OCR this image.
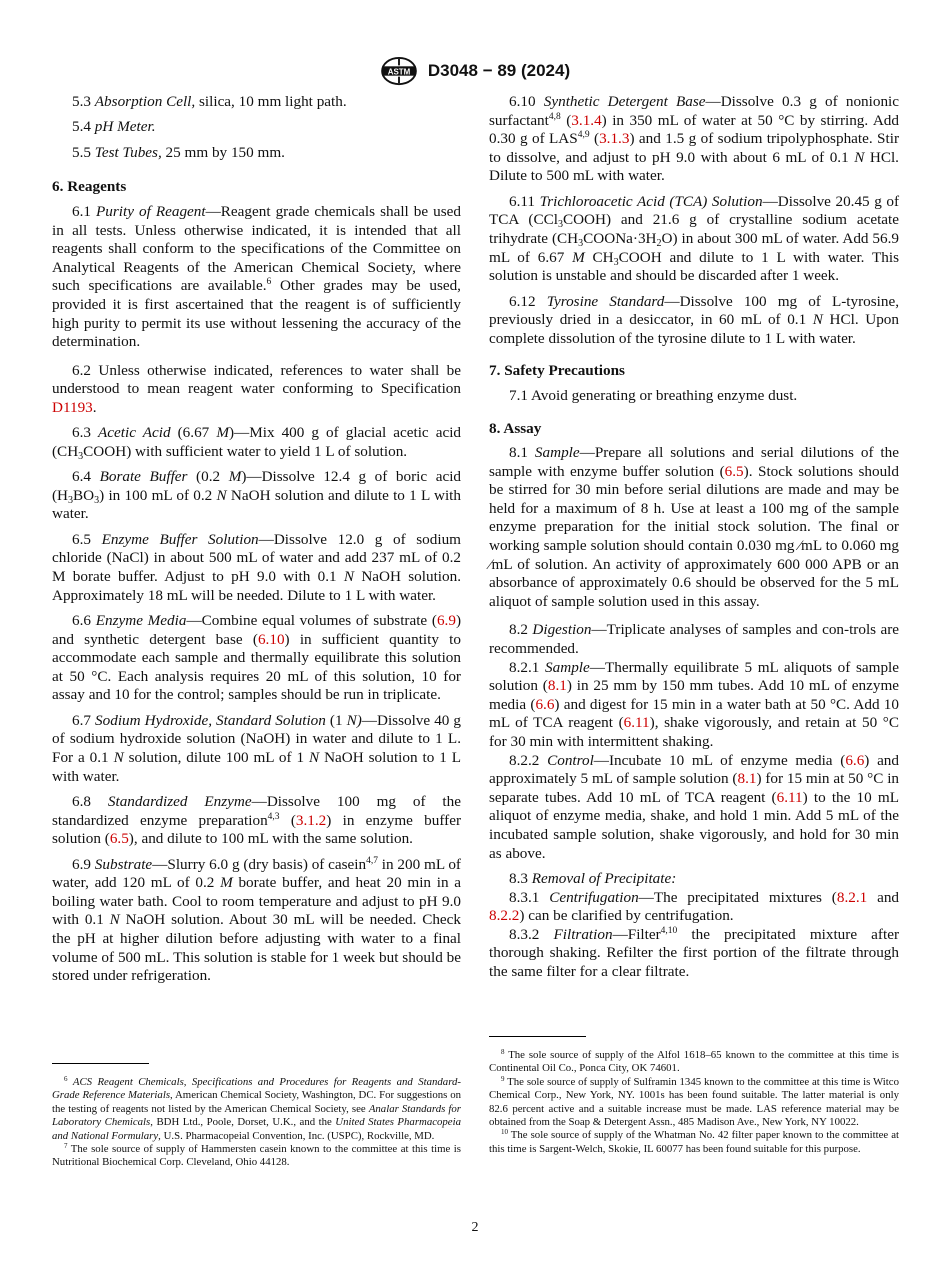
ASTM D3048 − 89 (2024)

5.3 Absorption Cell, silica, 10 mm light path.

5.4 pH Meter.

5.5 Test Tubes, 25 mm by 150 mm.

6. Reagents

6.1 Purity of Reagent—Reagent grade chemicals shall be used in all tests. Unless otherwise indicated, it is intended that all reagents shall conform to the specifications of the Committee on Analytical Reagents of the American Chemical Society, where such specifications are available.$^6$ Other grades may be used, provided it is first ascertained that the reagent is of sufficiently high purity to permit its use without lessening the accuracy of the determination.

6.2 Unless otherwise indicated, references to water shall be understood to mean reagent water conforming to Specification D1193.

6.3 Acetic Acid (6.67 M)—Mix 400 g of glacial acetic acid $(CH_3COOH)$ with sufficient water to yield 1 L of solution.

6.4 Borate Buffer (0.2 M)—Dissolve 12.4 g of boric acid $(H_3BO_3)$ in 100 mL of 0.2 N NaOH solution and dilute to 1 L with water.

6.5 Enzyme Buffer Solution—Dissolve 12.0 g of sodium chloride (NaCl) in about 500 mL of water and add 237 mL of 0.2 M borate buffer. Adjust to pH 9.0 with 0.1 N NaOH solution. Approximately 18 mL will be needed. Dilute to 1 L with water.

6.6 Enzyme Media—Combine equal volumes of substrate (6.9) and synthetic detergent base (6.10) in sufficient quantity to accommodate each sample and thermally equilibrate this solution at 50 °C. Each analysis requires 20 mL of this solution, 10 for assay and 10 for the control; samples should be run in triplicate.

6.7 Sodium Hydroxide, Standard Solution (1 N)—Dissolve 40 g of sodium hydroxide solution (NaOH) in water and dilute to 1 L. For a 0.1 N solution, dilute 100 mL of 1 N NaOH solution to 1 L with water.

6.8 Standardized Enzyme—Dissolve 100 mg of the standardized enzyme preparation$^{4,3}$ (3.1.2) in enzyme buffer solution (6.5), and dilute to 100 mL with the same solution.

6.9 Substrate—Slurry 6.0 g (dry basis) of casein$^{4,7}$ in 200 mL of water, add 120 mL of 0.2 M borate buffer, and heat 20 min in a boiling water bath. Cool to room temperature and adjust to pH 9.0 with 0.1 N NaOH solution. About 30 mL will be needed. Check the pH at higher dilution before adjusting with water to a final volume of 500 mL. This solution is stable for 1 week but should be stored under refrigeration.

6.10 Synthetic Detergent Base—Dissolve 0.3 g of nonionic surfactant$^{4,8}$ (3.1.4) in 350 mL of water at 50 °C by stirring. Add 0.30 g of LAS$^{4,9}$ (3.1.3) and 1.5 g of sodium tripolyphosphate. Stir to dissolve, and adjust to pH 9.0 with about 6 mL of 0.1 N HCl. Dilute to 500 mL with water.

6.11 Trichloroacetic Acid (TCA) Solution—Dissolve 20.45 g of TCA (CCl$_3$COOH) and 21.6 g of crystalline sodium acetate trihydrate $(CH_3COONa\cdot 3H_2O)$ in about 300 mL of water. Add 56.9 mL of 6.67 M $CH_3COOH$ and dilute to 1 L with water. This solution is unstable and should be discarded after 1 week.

6.12 Tyrosine Standard—Dissolve 100 mg of L-tyrosine, previously dried in a desiccator, in 60 mL of 0.1 N HCl. Upon complete dissolution of the tyrosine dilute to 1 L with water.

7. Safety Precautions

7.1 Avoid generating or breathing enzyme dust.

8. Assay

8.1 Sample—Prepare all solutions and serial dilutions of the sample with enzyme buffer solution (6.5). Stock solutions should be stirred for 30 min before serial dilutions are made and may be held for a maximum of 8 h. Use at least a 100 mg of the sample enzyme preparation for the initial stock solution. The final or working sample solution should contain 0.030 mg ⁄mL to 0.060 mg ⁄mL of solution. An activity of approximately 600 000 APB or an absorbance of approximately 0.6 should be observed for the 5 mL aliquot of sample solution used in this assay.

8.2 Digestion—Triplicate analyses of samples and con-trols are recommended.

8.2.1 Sample—Thermally equilibrate 5 mL aliquots of sample solution (8.1) in 25 mm by 150 mm tubes. Add 10 mL of enzyme media (6.6) and digest for 15 min in a water bath at 50 °C. Add 10 mL of TCA reagent (6.11), shake vigorously, and retain at 50 °C for 30 min with intermittent shaking.

8.2.2 Control—Incubate 10 mL of enzyme media (6.6) and approximately 5 mL of sample solution (8.1) for 15 min at 50 °C in separate tubes. Add 10 mL of TCA reagent (6.11) to the 10 mL aliquot of enzyme media, shake, and hold 1 min. Add 5 mL of the incubated sample solution, shake vigorously, and hold for 30 min as above.

8.3 Removal of Precipitate:

8.3.1 Centrifugation—The precipitated mixtures (8.2.1 and 8.2.2) can be clarified by centrifugation.

8.3.2 Filtration—Filter$^{4,10}$ the precipitated mixture after thorough shaking. Refilter the first portion of the filtrate through the same filter for a clear filtrate.

$^6$ ACS Reagent Chemicals, Specifications and Procedures for Reagents and Standard-Grade Reference Materials, American Chemical Society, Washington, DC. For suggestions on the testing of reagents not listed by the American Chemical Society, see Analar Standards for Laboratory Chemicals, BDH Ltd., Poole, Dorset, U.K., and the United States Pharmacopeia and National Formulary, U.S. Pharmacopeial Convention, Inc. (USPC), Rockville, MD.

$^7$ The sole source of supply of Hammersten casein known to the committee at this time is Nutritional Biochemical Corp. Cleveland, Ohio 44128.

$^8$ The sole source of supply of the Alfol 1618–65 known to the committee at this time is Continental Oil Co., Ponca City, OK 74601.

$^9$ The sole source of supply of Sulframin 1345 known to the committee at this time is Witco Chemical Corp., New York, NY. 1001s has been found suitable. The latter material is only 82.6 percent active and a suitable increase must be made. LAS reference material may be obtained from the Soap & Detergent Assn., 485 Madison Ave., New York, NY 10022.

$^{10}$ The sole source of supply of the Whatman No. 42 filter paper known to the committee at this time is Sargent-Welch, Skokie, IL 60077 has been found suitable for this purpose.

2
